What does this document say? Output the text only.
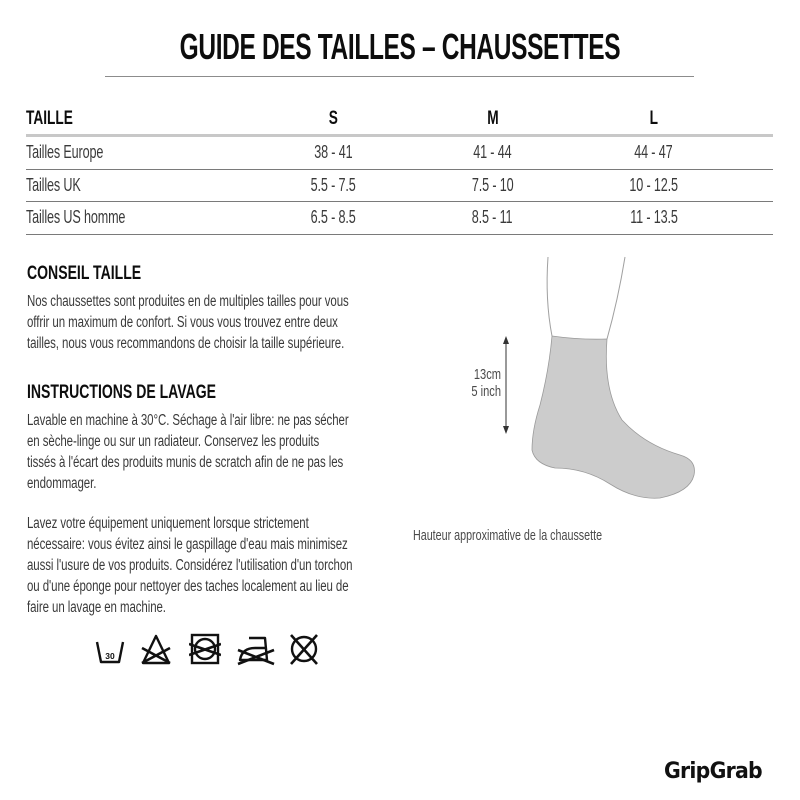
GUIDE DES TAILLES – CHAUSSETTES
TAILLE	S	M	L
Tailles Europe	38 - 41	41 - 44	44 - 47
Tailles UK	5.5 - 7.5	7.5 - 10	10 - 12.5
Tailles US homme	6.5 - 8.5	8.5 - 11	11 - 13.5
CONSEIL TAILLE
Nos chaussettes sont produites en de multiples tailles pour vous
offrir un maximum de confort. Si vous vous trouvez entre deux
tailles, nous vous recommandons de choisir la taille supérieure.
INSTRUCTIONS DE LAVAGE
Lavable en machine à 30°C. Séchage à l'air libre: ne pas sécher
en sèche-linge ou sur un radiateur. Conservez les produits
tissés à l'écart des produits munis de scratch afin de ne pas les
endommager.
Lavez votre équipement uniquement lorsque strictement
nécessaire: vous évitez ainsi le gaspillage d'eau mais minimisez
aussi l'usure de vos produits. Considérez l'utilisation d'un torchon
ou d'une éponge pour nettoyer des taches localement au lieu de
faire un lavage en machine.
30
13cm
5 inch
Hauteur approximative de la chaussette
GripGrab
